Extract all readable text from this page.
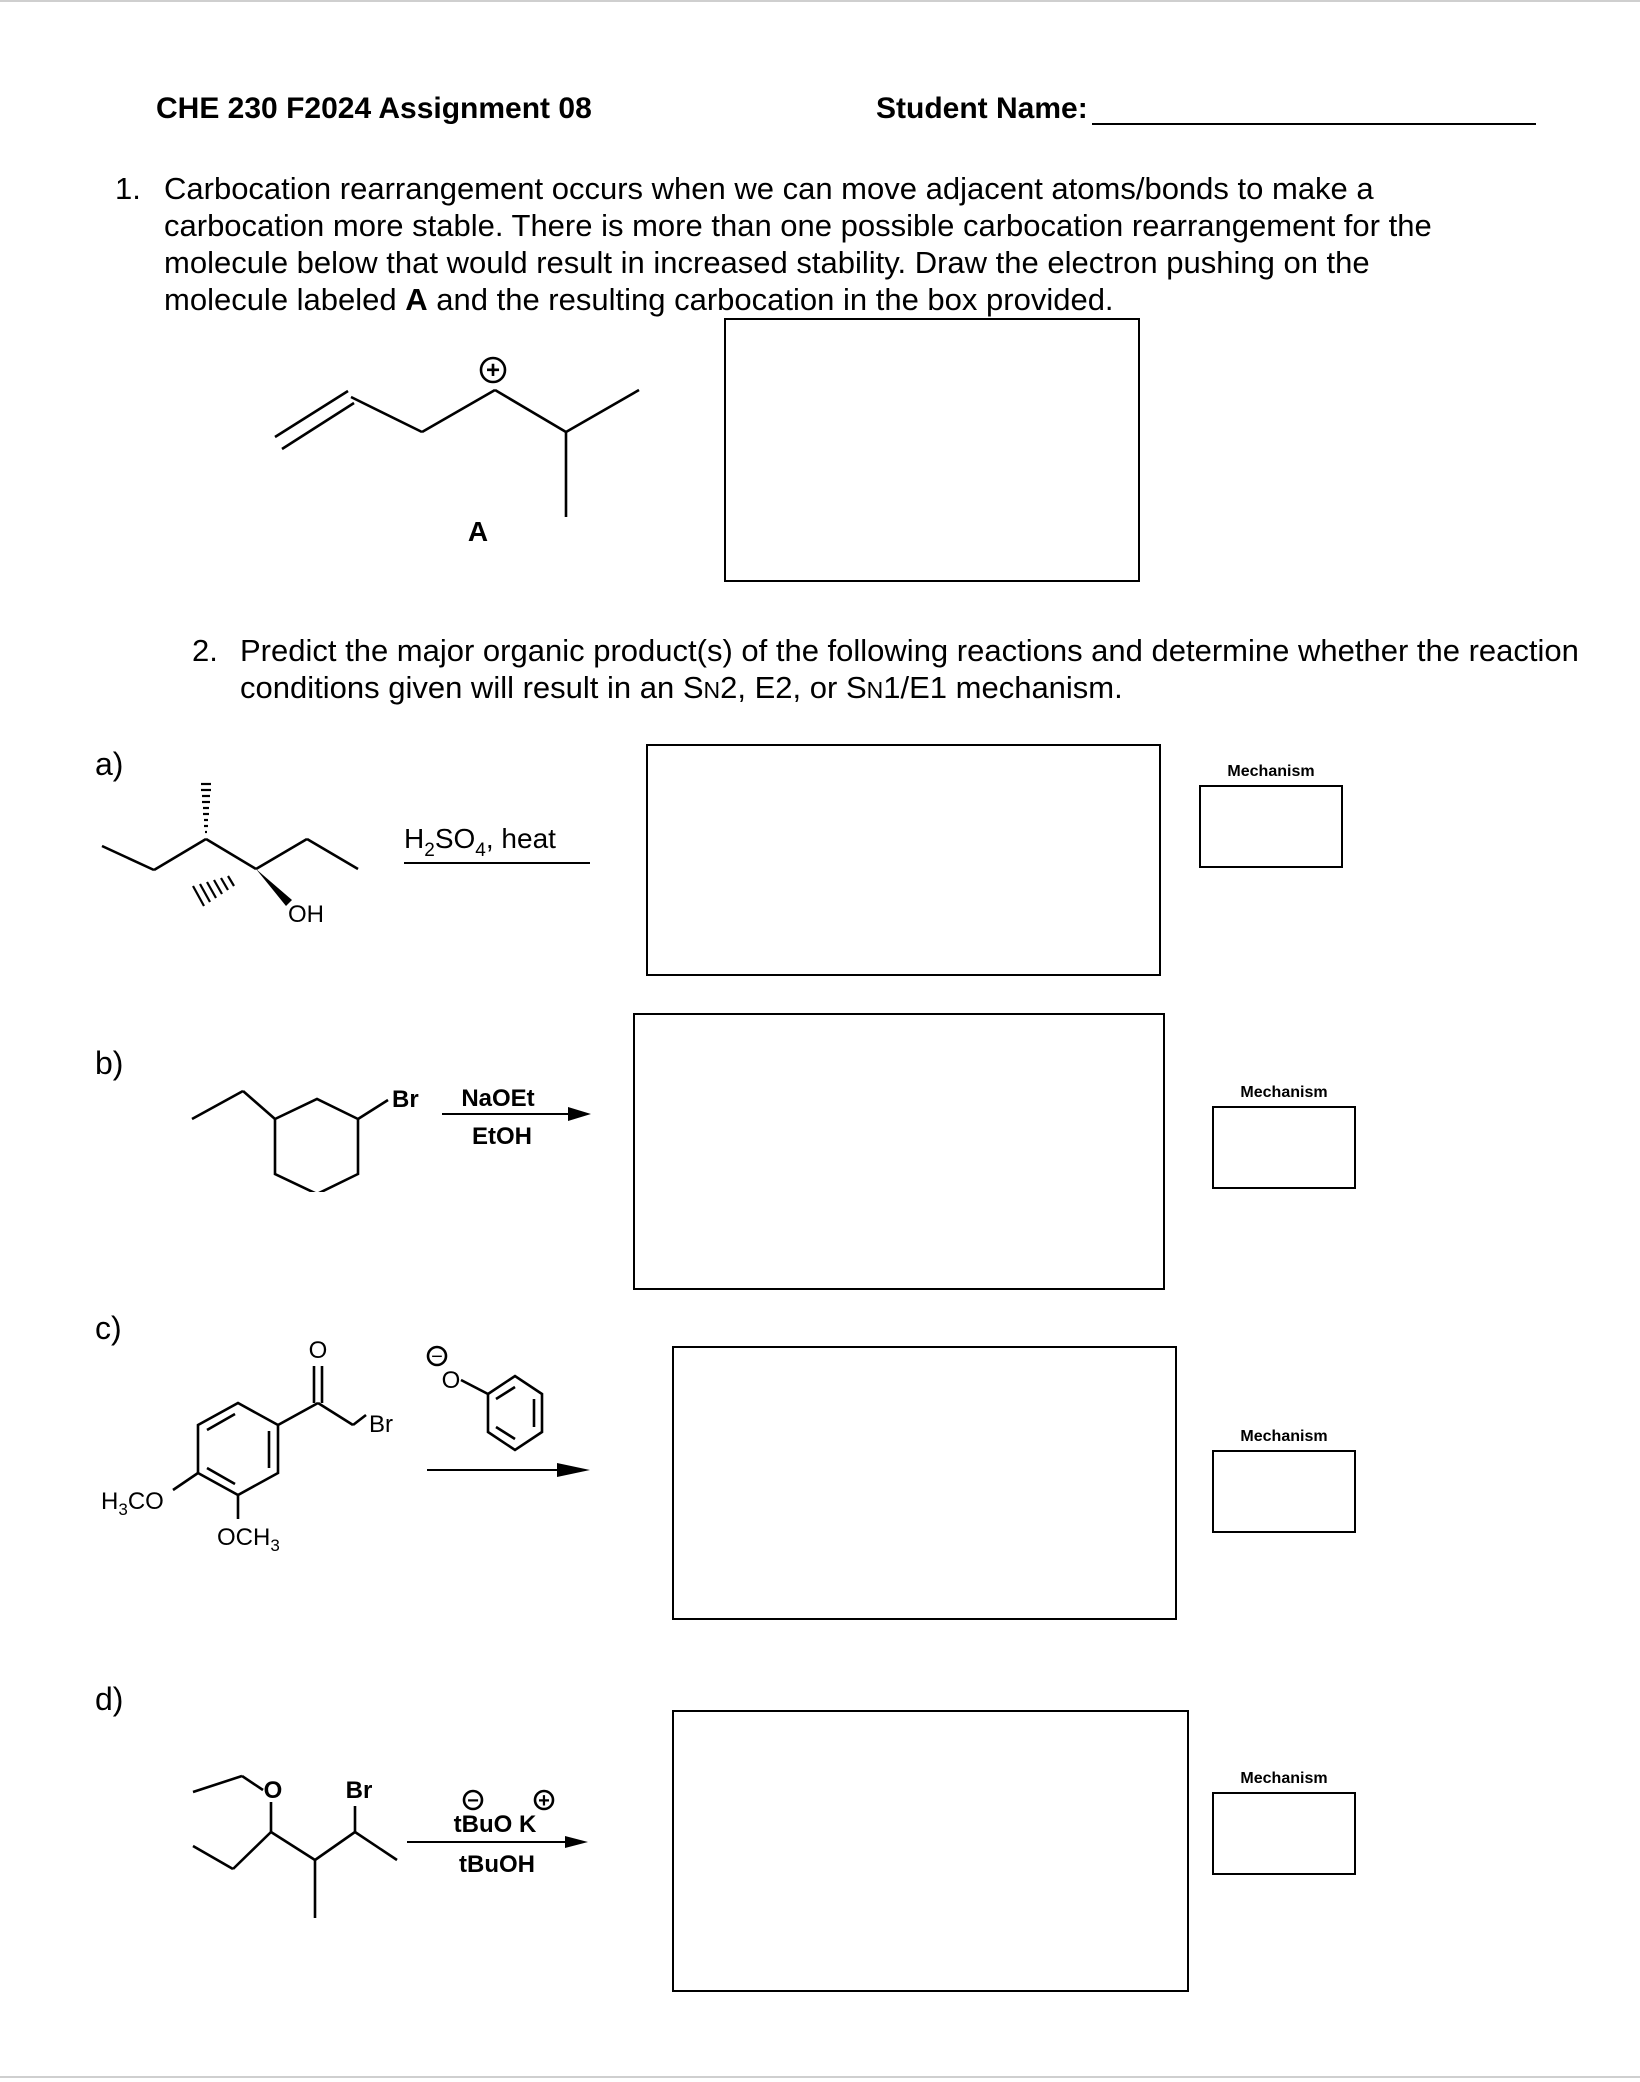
CHE 230 F2024 Assignment 08	Student Name:
1. Carbocation rearrangement occurs when we can move adjacent atoms/bonds to make a carbocation more stable. There is more than one possible carbocation rearrangement for the molecule below that would result in increased stability. Draw the electron pushing on the molecule labeled A and the resulting carbocation in the box provided.
+
A
2. Predict the major organic product(s) of the following reactions and determine whether the reaction
conditions given will result in an SN2, E2, or SN1/E1 mechanism.
a)
OH
$H_2SO_4$, heat
Mechanism
b)
Br NaOEt
EtOH
Mechanism
c)
O
Br
$H_3CO$
$OCH_3$
O
−
Mechanism
d)
O	Br	−	+
tBuO K
tBuOH
Mechanism
